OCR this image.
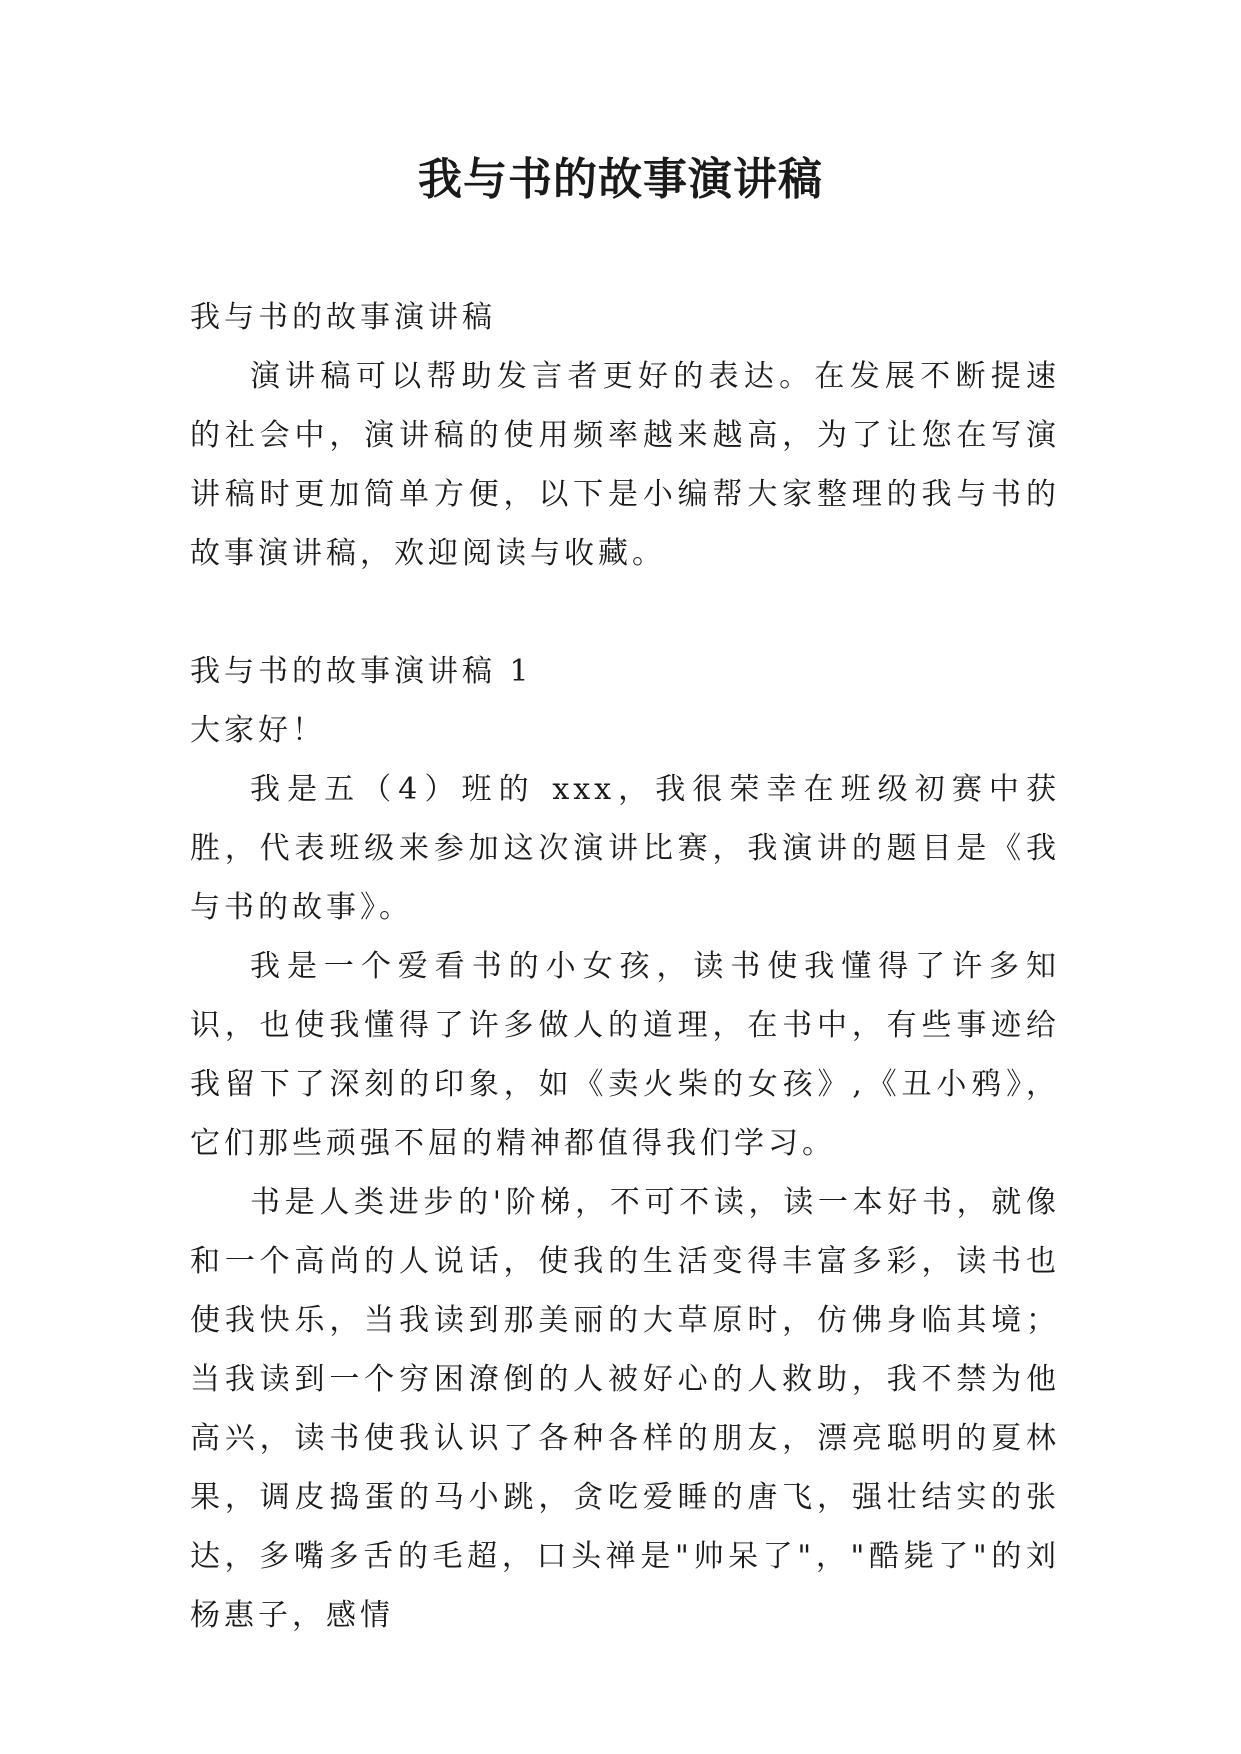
我与书的故事演讲稿

我与书的故事演讲稿

演讲稿可以帮助发言者更好的表达。在发展不断提速的社会中，演讲稿的使用频率越来越高，为了让您在写演讲稿时更加简单方便，以下是小编帮大家整理的我与书的故事演讲稿，欢迎阅读与收藏。

我与书的故事演讲稿 1

大家好！

我是五（4）班的 xxx，我很荣幸在班级初赛中获胜，代表班级来参加这次演讲比赛，我演讲的题目是《我与书的故事》。

我是一个爱看书的小女孩，读书使我懂得了许多知识，也使我懂得了许多做人的道理，在书中，有些事迹给我留下了深刻的印象，如《卖火柴的女孩》,《丑小鸦》，它们那些顽强不屈的精神都值得我们学习。

书是人类进步的'阶梯，不可不读，读一本好书，就像和一个高尚的人说话，使我的生活变得丰富多彩，读书也使我快乐，当我读到那美丽的大草原时，仿佛身临其境；当我读到一个穷困潦倒的人被好心的人救助，我不禁为他高兴，读书使我认识了各种各样的朋友，漂亮聪明的夏林果，调皮捣蛋的马小跳，贪吃爱睡的唐飞，强壮结实的张达，多嘴多舌的毛超，口头禅是"帅呆了"，"酷毙了"的刘杨惠子，感情
